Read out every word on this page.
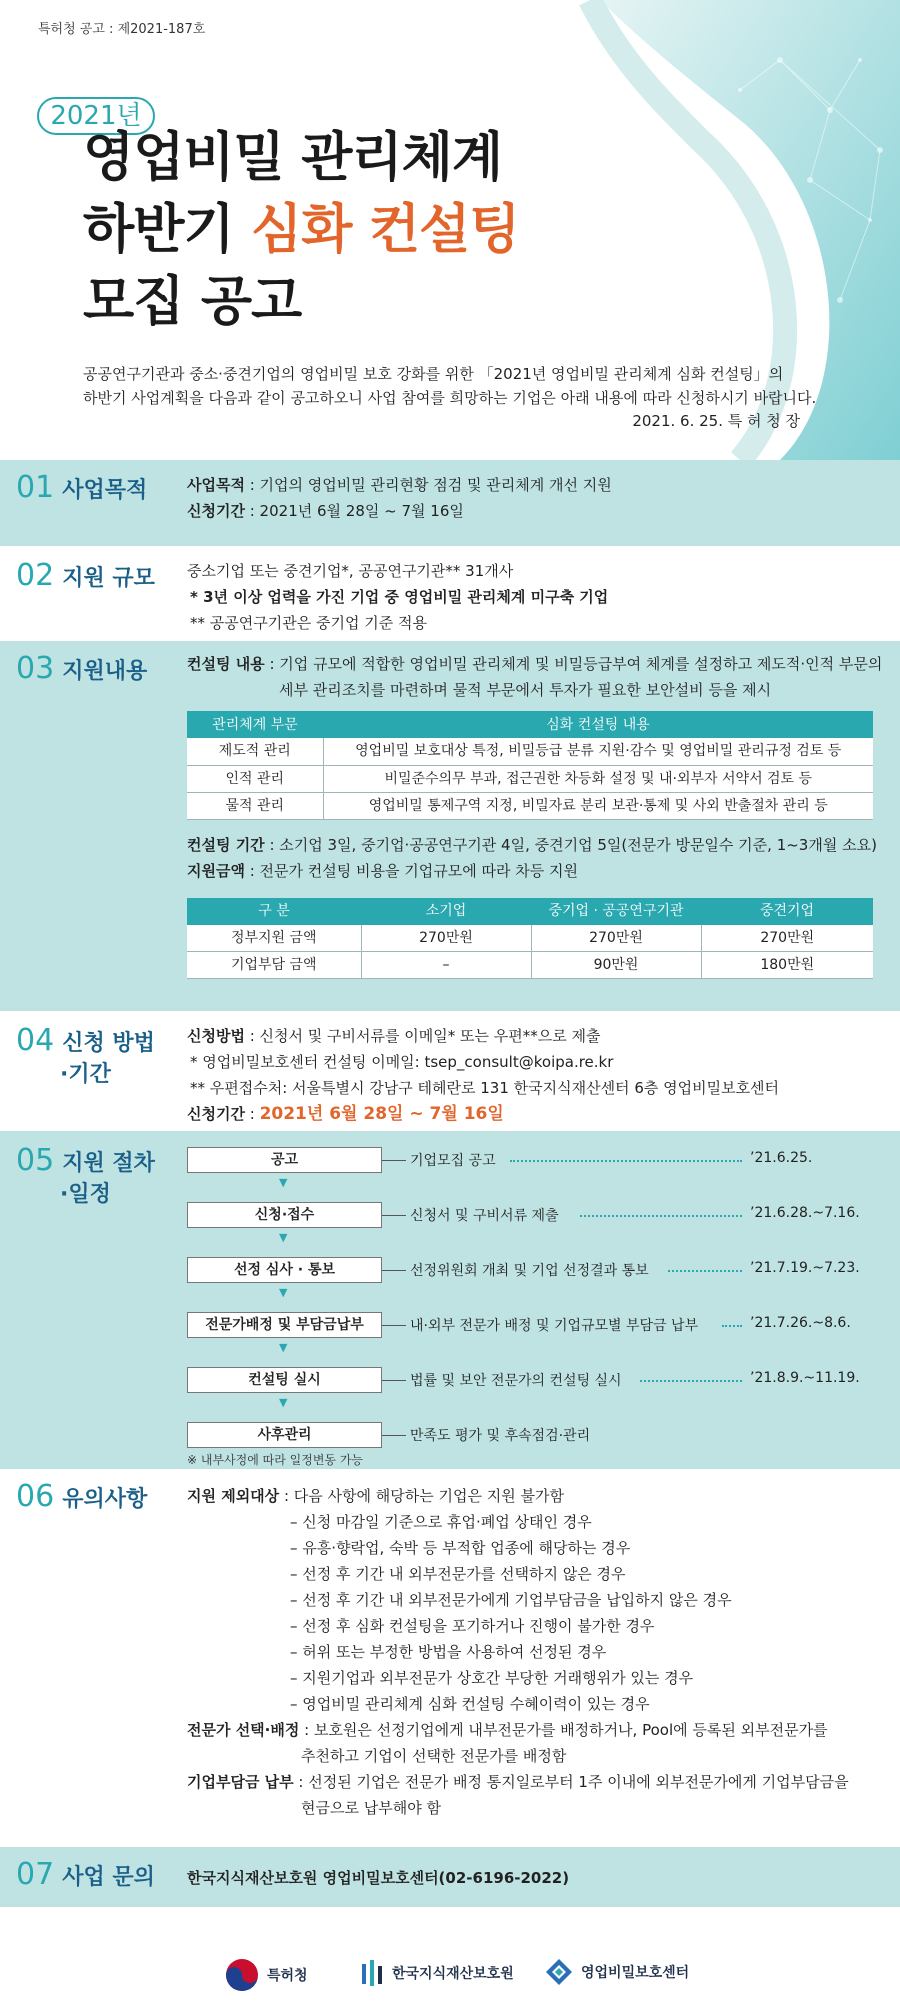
특허청 공고 : 제2021-187호
2021년
영업비밀 관리체계
하반기 심화 컨설팅
모집 공고
공공연구기관과 중소·중견기업의 영업비밀 보호 강화를 위한 「2021년 영업비밀 관리체계 심화 컨설팅」의
하반기 사업계획을 다음과 같이 공고하오니 사업 참여를 희망하는 기업은 아래 내용에 따라 신청하시기 바랍니다.
2021. 6. 25. 특 허 청 장
01 사업목적	사업목적 : 기업의 영업비밀 관리현황 점검 및 관리체계 개선 지원
신청기간 : 2021년 6월 28일 ~ 7월 16일
02 지원 규모 중소기업 또는 중견기업*, 공공연구기관** 31개사
* 3년 이상 업력을 가진 기업 중 영업비밀 관리체계 미구축 기업
** 공공연구기관은 중기업 기준 적용
03 지원내용	컨설팅 내용 : 기업 규모에 적합한 영업비밀 관리체계 및 비밀등급부여 체계를 설정하고 제도적·인적 부문의
세부 관리조치를 마련하며 물적 부문에서 투자가 필요한 보안설비 등을 제시
관리체계 부문	심화 컨설팅 내용
제도적 관리	영업비밀 보호대상 특정, 비밀등급 분류 지원·감수 및 영업비밀 관리규정 검토 등
인적 관리	비밀준수의무 부과, 접근권한 차등화 설정 및 내·외부자 서약서 검토 등
물적 관리	영업비밀 통제구역 지정, 비밀자료 분리 보관·통제 및 사외 반출절차 관리 등
컨설팅 기간 : 소기업 3일, 중기업·공공연구기관 4일, 중견기업 5일(전문가 방문일수 기준, 1~3개월 소요)
지원금액 : 전문가 컨설팅 비용을 기업규모에 따라 차등 지원
구 분	소기업	중기업 · 공공연구기관	중견기업
정부지원 금액	270만원	270만원	270만원
기업부담 금액	–	90만원	180만원
04 신청 방법
·기간
신청방법 : 신청서 및 구비서류를 이메일* 또는 우편**으로 제출
* 영업비밀보호센터 컨설팅 이메일: tsep_consult@koipa.re.kr
** 우편접수처: 서울특별시 강남구 테헤란로 131 한국지식재산센터 6층 영업비밀보호센터
신청기간 : 2021년 6월 28일 ~ 7월 16일
05 지원 절차
·일정
공고	기업모집 공고	’21.6.25.
▼
신청·접수	신청서 및 구비서류 제출	’21.6.28.~7.16.
▼
선정 심사 · 통보	선정위원회 개최 및 기업 선정결과 통보	’21.7.19.~7.23.
▼
전문가배정 및 부담금납부	내·외부 전문가 배정 및 기업규모별 부담금 납부	’21.7.26.~8.6.
▼
컨설팅 실시	법률 및 보안 전문가의 컨설팅 실시	’21.8.9.~11.19.
▼
사후관리	만족도 평가 및 후속점검·관리
※ 내부사정에 따라 일정변동 가능
06 유의사항	지원 제외대상 : 다음 사항에 해당하는 기업은 지원 불가함
– 신청 마감일 기준으로 휴업·폐업 상태인 경우
– 유흥·향락업, 숙박 등 부적합 업종에 해당하는 경우
– 선정 후 기간 내 외부전문가를 선택하지 않은 경우
– 선정 후 기간 내 외부전문가에게 기업부담금을 납입하지 않은 경우
– 선정 후 심화 컨설팅을 포기하거나 진행이 불가한 경우
– 허위 또는 부정한 방법을 사용하여 선정된 경우
– 지원기업과 외부전문가 상호간 부당한 거래행위가 있는 경우
– 영업비밀 관리체계 심화 컨설팅 수혜이력이 있는 경우
전문가 선택·배정 : 보호원은 선정기업에게 내부전문가를 배정하거나, Pool에 등록된 외부전문가를
추천하고 기업이 선택한 전문가를 배정함
기업부담금 납부 : 선정된 기업은 전문가 배정 통지일로부터 1주 이내에 외부전문가에게 기업부담금을
현금으로 납부해야 함
07 사업 문의 한국지식재산보호원 영업비밀보호센터(02-6196-2022)
특허청	한국지식재산보호원	영업비밀보호센터
